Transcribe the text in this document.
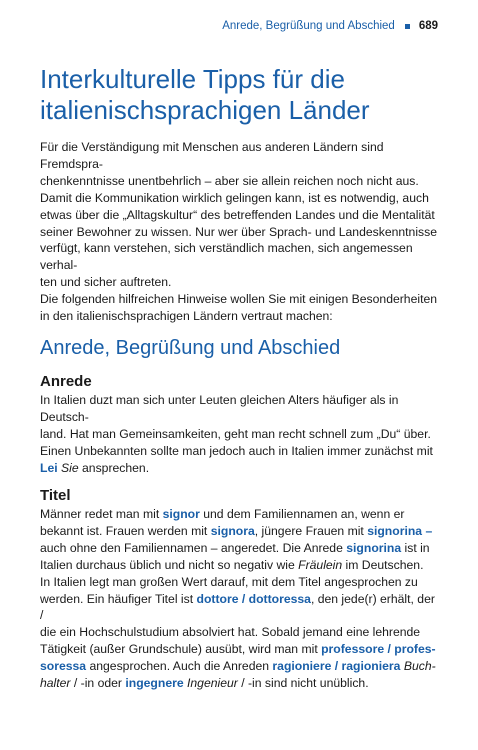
Anrede, Begrüßung und Abschied 689
Interkulturelle Tipps für die
italienischsprachigen Länder

Für die Verständigung mit Menschen aus anderen Ländern sind Fremdspra-
chenkenntnisse unentbehrlich – aber sie allein reichen noch nicht aus.
Damit die Kommunikation wirklich gelingen kann, ist es notwendig, auch
etwas über die „Alltagskultur“ des betreffenden Landes und die Mentalität
seiner Bewohner zu wissen. Nur wer über Sprach- und Landeskenntnisse
verfügt, kann verstehen, sich verständlich machen, sich angemessen verhal-
ten und sicher auftreten.
Die folgenden hilfreichen Hinweise wollen Sie mit einigen Besonderheiten
in den italienischsprachigen Ländern vertraut machen:

Anrede, Begrüßung und Abschied
Anrede

In Italien duzt man sich unter Leuten gleichen Alters häufiger als in Deutsch-
land. Hat man Gemeinsamkeiten, geht man recht schnell zum „Du“ über.
Einen Unbekannten sollte man jedoch auch in Italien immer zunächst mit
Lei Sie ansprechen.

Titel

Männer redet man mit signor und dem Familiennamen an, wenn er
bekannt ist. Frauen werden mit signora, jüngere Frauen mit signorina –
auch ohne den Familiennamen – angeredet. Die Anrede signorina ist in
Italien durchaus üblich und nicht so negativ wie Fräulein im Deutschen.
In Italien legt man großen Wert darauf, mit dem Titel angesprochen zu
werden. Ein häufiger Titel ist dottore / dottoressa, den jede(r) erhält, der /
die ein Hochschulstudium absolviert hat. Sobald jemand eine lehrende
Tätigkeit (außer Grundschule) ausübt, wird man mit professore / profes-
soressa angesprochen. Auch die Anreden ragioniere / ragioniera Buch-
halter / -in oder ingegnere Ingenieur / -in sind nicht unüblich.
